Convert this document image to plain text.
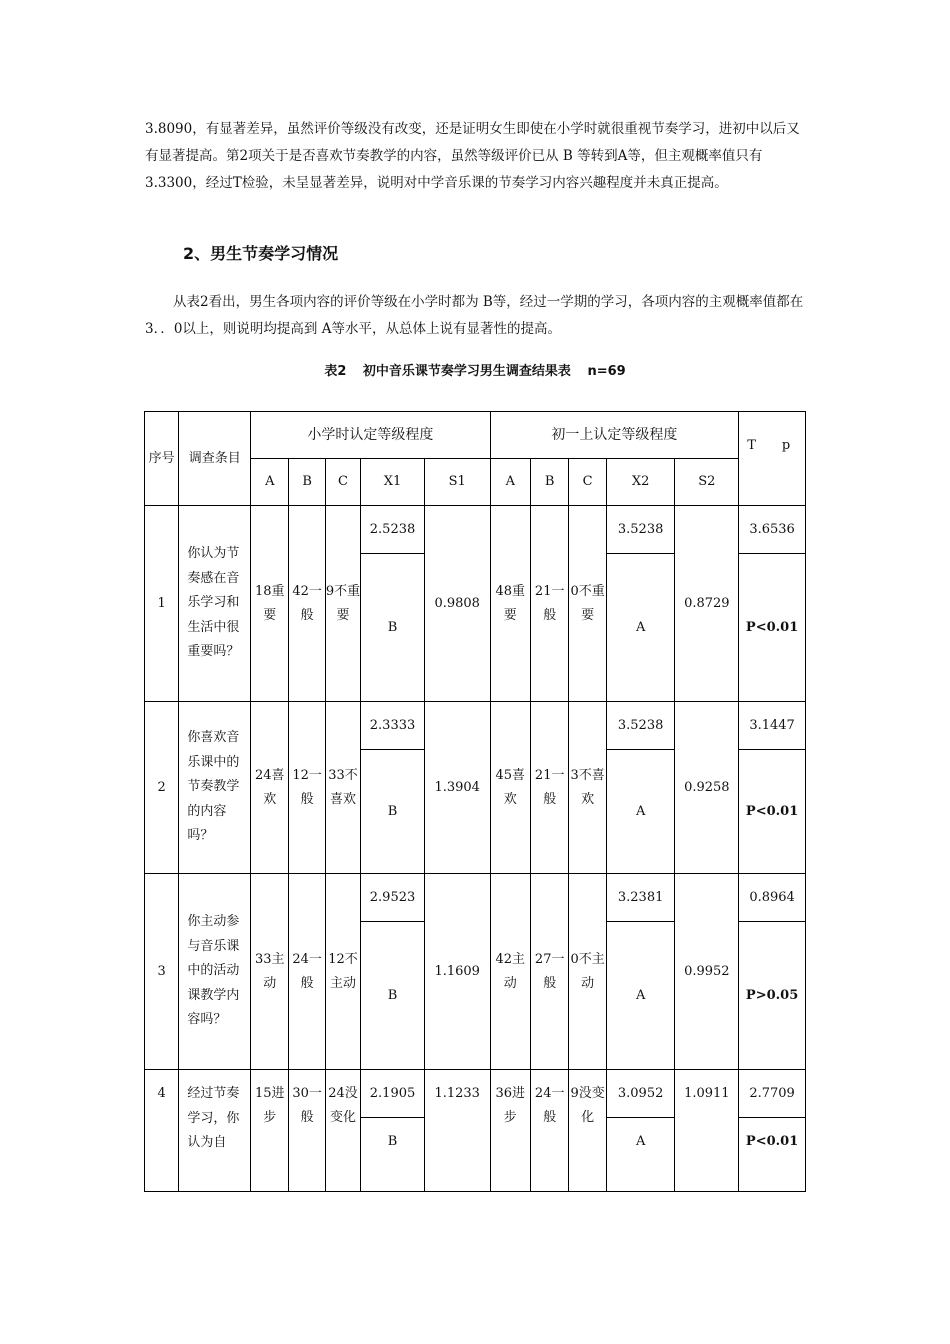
3.8090，有显著差异，虽然评价等级没有改变，还是证明女生即使在小学时就很重视节奏学习，进初中以后又有显著提高。第2项关于是否喜欢节奏教学的内容，虽然等级评价已从 B 等转到A等，但主观概率值只有3.3300，经过T检验，未呈显著差异，说明对中学音乐课的节奏学习内容兴趣程度并未真正提高。

2、男生节奏学习情况

从表2看出，男生各项内容的评价等级在小学时都为 B等，经过一学期的学习，各项内容的主观概率值都在3．．0以上，则说明均提高到 A等水平，从总体上说有显著性的提高。

表2 初中音乐课节奏学习男生调查结果表 n=69

序号	调查条目	小学时认定等级程度					初一上认定等级程度					T　　p
		A	B	C	X1	S1	A	B	C	X2	S2	
1	你认为节奏感在音乐学习和生活中很重要吗？	18重要	42一般	9不重要	2.5238	0.9808	48重要	21一般	0不重要	3.5238	0.8729	3.6536
					B					A		P<0.01
2	你喜欢音乐课中的节奏教学的内容吗？	24喜欢	12一般	33不喜欢	2.3333	1.3904	45喜欢	21一般	3不喜欢	3.5238	0.9258	3.1447
					B					A		P<0.01
3	你主动参与音乐课中的活动课教学内容吗？	33主动	24一般	12不主动	2.9523	1.1609	42主动	27一般	0不主动	3.2381	0.9952	0.8964
					B					A		P>0.05
4	经过节奏学习，你认为自	15进步	30一般	24没变化	2.1905	1.1233	36进步	24一般	9没变化	3.0952	1.0911	2.7709
					B					A		P<0.01
